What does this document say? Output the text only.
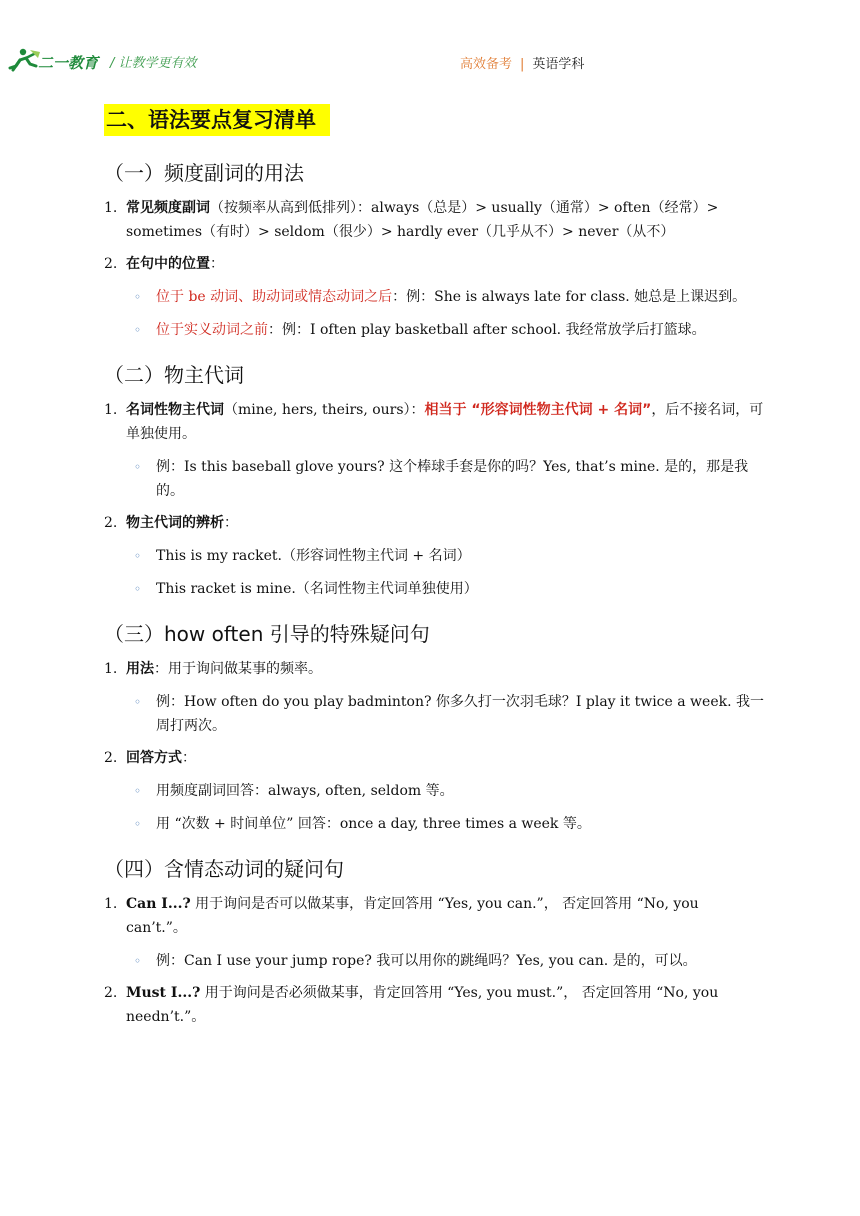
二一教育 / 让教学更有效	高效备考 | 英语学科
二、语法要点复习清单
（一）频度副词的用法
1. 常见频度副词（按频率从高到低排列）：always（总是）> usually（通常）> often（经常）> sometimes（有时）> seldom（很少）> hardly ever（几乎从不）> never（从不）
2. 在句中的位置：
◦ 位于 be 动词、助动词或情态动词之后：例：She is always late for class. 她总是上课迟到。
◦ 位于实义动词之前：例：I often play basketball after school. 我经常放学后打篮球。
（二）物主代词
1. 名词性物主代词（mine, hers, theirs, ours）：相当于 “形容词性物主代词 + 名词”，后不接名词，可单独使用。
◦ 例：Is this baseball glove yours? 这个棒球手套是你的吗？Yes, that’s mine. 是的，那是我的。
2. 物主代词的辨析：
◦ This is my racket.（形容词性物主代词 + 名词）
◦ This racket is mine.（名词性物主代词单独使用）
（三）how often 引导的特殊疑问句
1. 用法：用于询问做某事的频率。
◦ 例：How often do you play badminton? 你多久打一次羽毛球？I play it twice a week. 我一周打两次。
2. 回答方式：
◦ 用频度副词回答：always, often, seldom 等。
◦ 用 “次数 + 时间单位” 回答：once a day, three times a week 等。
（四）含情态动词的疑问句
1. Can I...? 用于询问是否可以做某事，肯定回答用 “Yes, you can.”， 否定回答用 “No, you can’t.”。
◦ 例：Can I use your jump rope? 我可以用你的跳绳吗？Yes, you can. 是的，可以。
2. Must I...? 用于询问是否必须做某事，肯定回答用 “Yes, you must.”， 否定回答用 “No, you needn’t.”。
